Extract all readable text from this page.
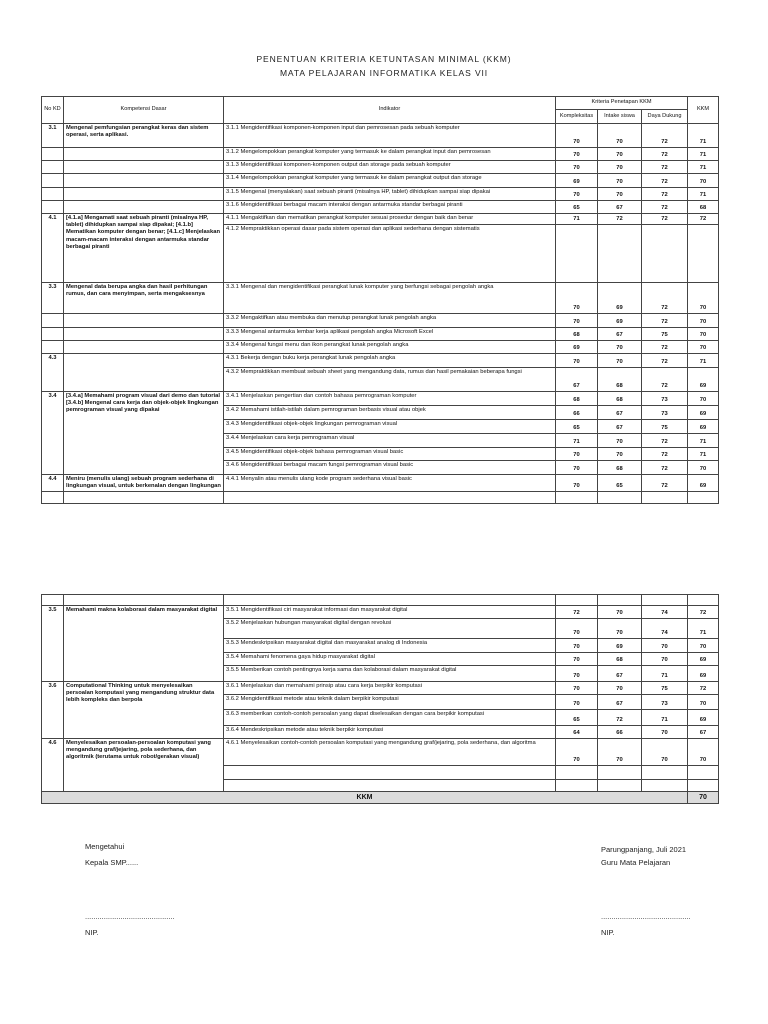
PENENTUAN KRITERIA KETUNTASAN MINIMAL (KKM)
MATA PELAJARAN INFORMATIKA KELAS VII
No KD	Kompetensi Dasar	Indikator	Kriteria Penetapan KKM			KKM
			Kompleksitas	Intake siswa	Daya Dukung	
3.1	Mengenal pemfungsian perangkat keras dan sistem operasi, serta aplikasi.	3.1.1 Mengidentifikasi komponen-komponen input dan pemrosesan pada sebuah komputer	70	70	72	71
		3.1.2 Mengelompokkan perangkat komputer yang termasuk ke dalam perangkat input dan pemrosesan	70	70	72	71
		3.1.3 Mengidentifikasi komponen-komponen output dan storage pada sebuah komputer	70	70	72	71
		3.1.4 Mengelompokkan perangkat komputer yang termasuk ke dalam perangkat output dan storage	69	70	72	70
		3.1.5 Mengenal (menyalakan) saat sebuah piranti (misalnya HP, tablet) dihidupkan sampai siap dipakai	70	70	72	71
		3.1.6 Mengidentifikasi berbagai macam interaksi dengan antarmuka standar berbagai piranti	65	67	72	68
4.1	[4.1.a] Mengamati saat sebuah piranti (misalnya HP, tablet) dihidupkan sampai siap dipakai; [4.1.b] Mematikan komputer dengan benar; [4.1.c] Menjelaskan macam-macam interaksi dengan antarmuka standar berbagai piranti	4.1.1 Mengaktifkan dan mematikan perangkat komputer sesuai prosedur dengan baik dan benar	71	72	72	72
		4.1.2 Mempraktikkan operasi dasar pada sistem operasi dan aplikasi sederhana dengan sistematis				
3.3	Mengenal data berupa angka dan hasil perhitungan rumus, dan cara menyimpan, serta mengaksesnya	3.3.1 Mengenal dan mengidentifikasi perangkat lunak komputer yang berfungsi sebagai pengolah angka	70	69	72	70
		3.3.2 Mengaktifkan atau membuka dan menutup perangkat lunak pengolah angka	70	69	72	70
		3.3.3 Mengenal antarmuka lembar kerja aplikasi pengolah angka Microsoft Excel	68	67	75	70
		3.3.4 Mengenal fungsi menu dan ikon perangkat lunak pengolah angka	69	70	72	70
4.3		4.3.1 Bekerja dengan buku kerja perangkat lunak pengolah angka	70	70	72	71
		4.3.2 Mempraktikkan membuat sebuah sheet yang mengandung data, rumus dan hasil pemakaian beberapa fungsi	67	68	72	69
3.4	[3.4.a] Memahami program visual dari demo dan tutorial [3.4.b] Mengenal cara kerja dan objek-objek lingkungan pemrograman visual yang dipakai	3.4.1 Menjelaskan pengertian dan contoh bahasa pemrograman komputer	68	68	73	70
		3.4.2 Memahami istilah-istilah dalam pemrograman berbasis visual atau objek	66	67	73	69
		3.4.3 Mengidentifikasi objek-objek lingkungan pemrograman visual	65	67	75	69
		3.4.4 Menjelaskan cara kerja pemrograman visual	71	70	72	71
		3.4.5 Mengidentifikasi objek-objek bahasa pemrograman visual basic	70	70	72	71
		3.4.6 Mengidentifikasi berbagai macam fungsi pemrograman visual basic	70	68	72	70
4.4	Meniru (menulis ulang) sebuah program sederhana di lingkungan visual, untuk berkenalan dengan lingkungan	4.4.1 Menyalin atau menulis ulang kode program sederhana visual basic	70	65	72	69

3.5	Memahami makna kolaborasi dalam masyarakat digital	3.5.1 Mengidentifikasi ciri masyarakat informasi dan masyarakat digital	72	70	74	72
		3.5.2 Menjelaskan hubungan masyarakat digital dengan revolusi	70	70	74	71
		3.5.3 Mendeskripsikan masyarakat digital dan masyarakat analog di Indonesia	70	69	70	70
		3.5.4 Memahami fenomena gaya hidup masyarakat digital	70	68	70	69
		3.5.5 Memberikan contoh pentingnya kerja sama dan kolaborasi dalam masyarakat digital	70	67	71	69
3.6	Computational Thinking untuk menyelesaikan persoalan komputasi yang mengandung struktur data lebih kompleks dan berpola	3.6.1 Menjelaskan dan memahami prinsip atau cara kerja berpikir komputasi	70	70	75	72
		3.6.2 Mengidentifikasi metode atau teknik dalam berpikir komputasi	70	67	73	70
		3.6.3 memberikan contoh-contoh persoalan yang dapat diselesaikan dengan cara berpikir komputasi	65	72	71	69
		3.6.4 Mendeskripsikan metode atau teknik berpikir komputasi	64	66	70	67
4.6	Menyelesaikan persoalan-persoalan komputasi yang mengandung graf/jejaring, pola sederhana, dan algoritmik (terutama untuk robot/gerakan visual)	4.6.1 Menyelesaikan contoh-contoh persoalan komputasi yang mengandung graf/jejaring, pola sederhana, dan algoritma	70	70	70	70

KKM						70
Mengetahui
Kepala SMP......
Parungpanjang, Juli 2021
Guru Mata Pelajaran
...........................................	...........................................
NIP.	NIP.
